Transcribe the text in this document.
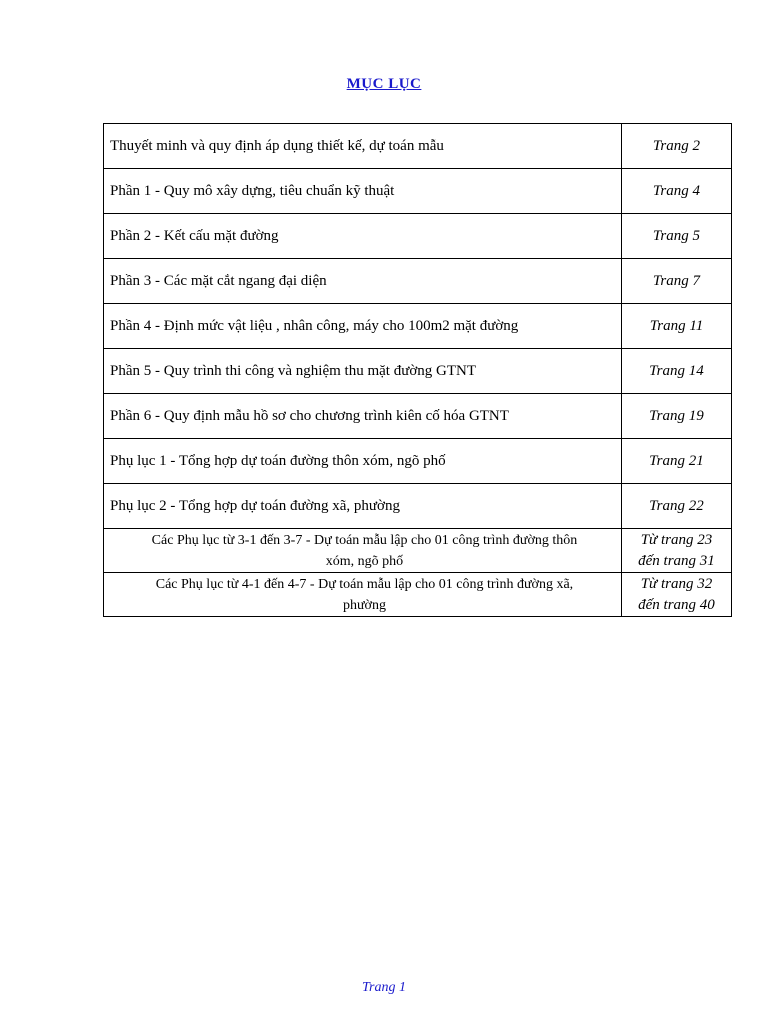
MỤC LỤC
Thuyết minh và quy định áp dụng thiết kế, dự toán mẫu	Trang 2
Phần 1 - Quy mô xây dựng, tiêu chuẩn kỹ thuật	Trang 4
Phần 2 - Kết cấu mặt đường	Trang 5
Phần 3 - Các mặt cắt ngang đại diện	Trang 7
Phần 4 - Định mức vật liệu , nhân công, máy cho 100m2 mặt đường	Trang 11
Phần 5 - Quy trình thi công và nghiệm thu mặt đường GTNT	Trang 14
Phần 6 - Quy định mẫu hồ sơ cho chương trình kiên cố hóa GTNT	Trang 19
Phụ lục 1 - Tổng hợp dự toán đường thôn xóm, ngõ phố	Trang 21
Phụ lục 2 - Tổng hợp dự toán đường xã, phường	Trang 22
Các Phụ lục từ 3-1 đến 3-7 - Dự toán mẫu lập cho 01 công trình đường thôn
xóm, ngõ phố	Từ trang 23
đến trang 31
Các Phụ lục từ 4-1 đến 4-7 - Dự toán mẫu lập cho 01 công trình đường xã,
phường	Từ trang 32
đến trang 40
Trang 1
